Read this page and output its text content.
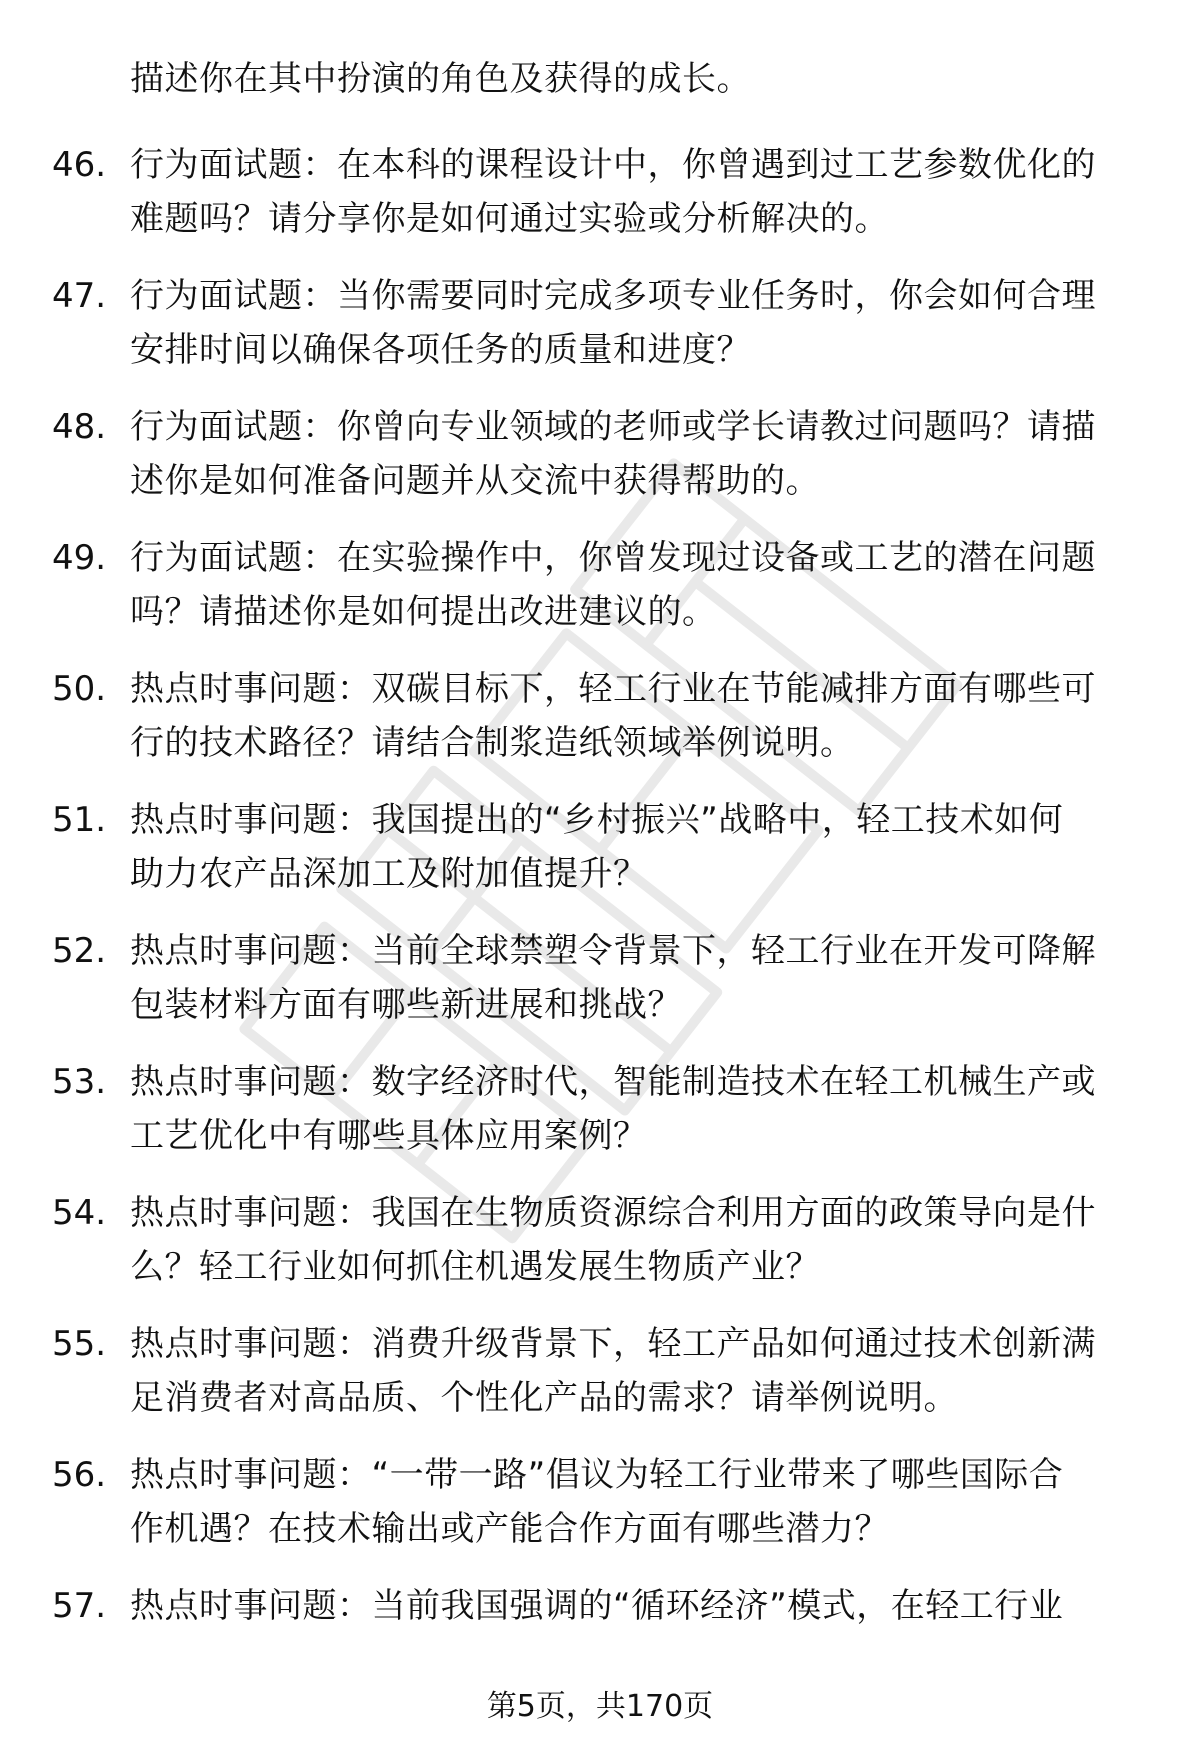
描述你在其中扮演的角色及获得的成长。
46. 行为面试题：在本科的课程设计中，你曾遇到过工艺参数优化的
难题吗？请分享你是如何通过实验或分析解决的。
47. 行为面试题：当你需要同时完成多项专业任务时，你会如何合理
安排时间以确保各项任务的质量和进度？
48. 行为面试题：你曾向专业领域的老师或学长请教过问题吗？请描
述你是如何准备问题并从交流中获得帮助的。
49. 行为面试题：在实验操作中，你曾发现过设备或工艺的潜在问题
吗？请描述你是如何提出改进建议的。
50. 热点时事问题：双碳目标下，轻工行业在节能减排方面有哪些可
行的技术路径？请结合制浆造纸领域举例说明。
51. 热点时事问题：我国提出的“乡村振兴”战略中，轻工技术如何
助力农产品深加工及附加值提升？
52. 热点时事问题：当前全球禁塑令背景下，轻工行业在开发可降解
包装材料方面有哪些新进展和挑战？
53. 热点时事问题：数字经济时代，智能制造技术在轻工机械生产或
工艺优化中有哪些具体应用案例？
54. 热点时事问题：我国在生物质资源综合利用方面的政策导向是什
么？轻工行业如何抓住机遇发展生物质产业？
55. 热点时事问题：消费升级背景下，轻工产品如何通过技术创新满
足消费者对高品质、个性化产品的需求？请举例说明。
56. 热点时事问题：“一带一路”倡议为轻工行业带来了哪些国际合
作机遇？在技术输出或产能合作方面有哪些潜力？
57. 热点时事问题：当前我国强调的“循环经济”模式，在轻工行业
第5页，共170页
